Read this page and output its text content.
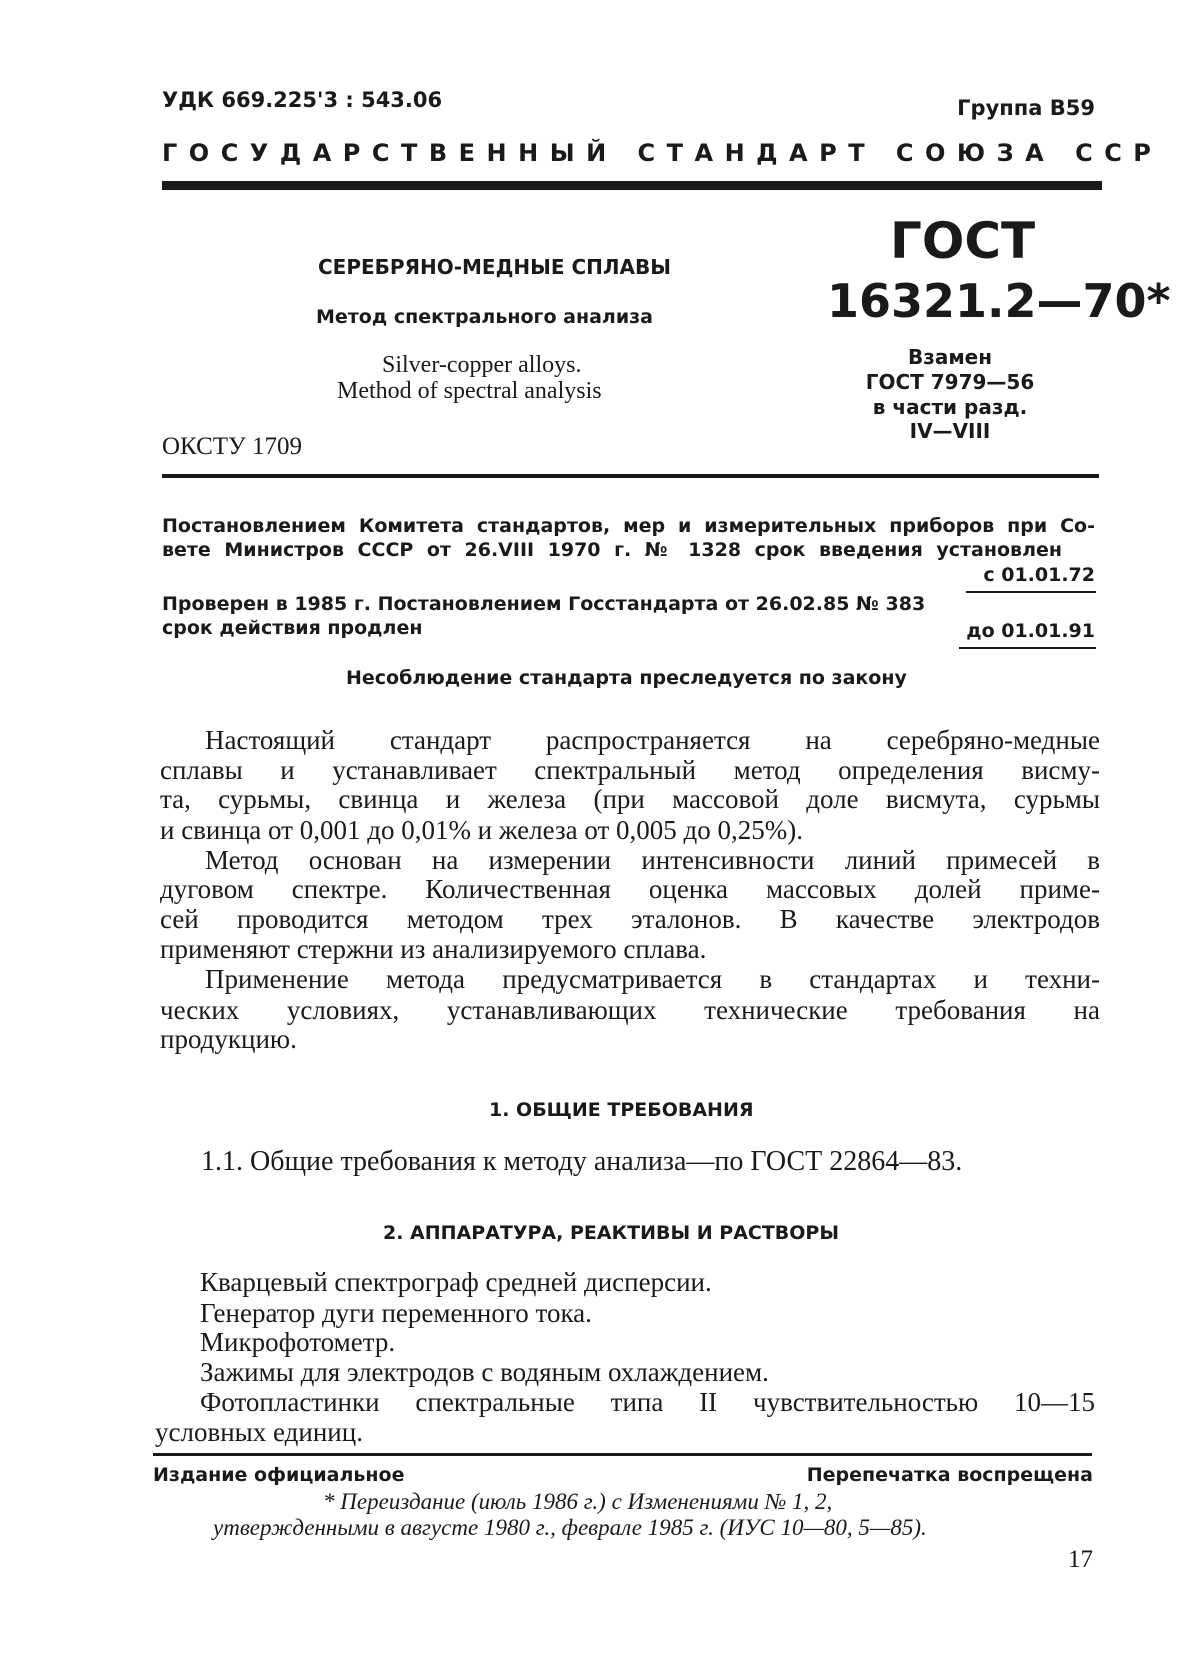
УДК 669.225'3 : 543.06	Группа В59
ГОСУДАРСТВЕННЫЙ СТАНДАРТ СОЮЗА ССР
СЕРЕБРЯНО-МЕДНЫЕ СПЛАВЫ
Метод спектрального анализа
Silver-copper alloys.
Method of spectral analysis
ОКСТУ 1709
ГОСТ
16321.2—70*
Взамен
ГОСТ 7979—56
в части разд.
IV—VIII
Постановлением Комитета стандартов, мер и измерительных приборов при Со-
вете Министров СССР от 26.VIII 1970 г. № 1328 срок введения установлен
с 01.01.72
Проверен в 1985 г. Постановлением Госстандарта от 26.02.85 № 383
срок действия продлен	до 01.01.91
Несоблюдение стандарта преследуется по закону
Настоящий стандарт распространяется на серебряно-медные
сплавы и устанавливает спектральный метод определения висму-
та, сурьмы, свинца и железа (при массовой доле висмута, сурьмы
и свинца от 0,001 до 0,01% и железа от 0,005 до 0,25%).
Метод основан на измерении интенсивности линий примесей в
дуговом спектре. Количественная оценка массовых долей приме-
сей проводится методом трех эталонов. В качестве электродов
применяют стержни из анализируемого сплава.
Применение метода предусматривается в стандартах и техни-
ческих условиях, устанавливающих технические требования на
продукцию.
1. ОБЩИЕ ТРЕБОВАНИЯ
1.1. Общие требования к методу анализа—по ГОСТ 22864—83.
2. АППАРАТУРА, РЕАКТИВЫ И РАСТВОРЫ
Кварцевый спектрограф средней дисперсии.
Генератор дуги переменного тока.
Микрофотометр.
Зажимы для электродов с водяным охлаждением.
Фотопластинки спектральные типа II чувствительностью 10—15
условных единиц.
Издание официальное	Перепечатка воспрещена
* Переиздание (июль 1986 г.) с Изменениями № 1, 2,
утвержденными в августе 1980 г., феврале 1985 г. (ИУС 10—80, 5—85).
17
